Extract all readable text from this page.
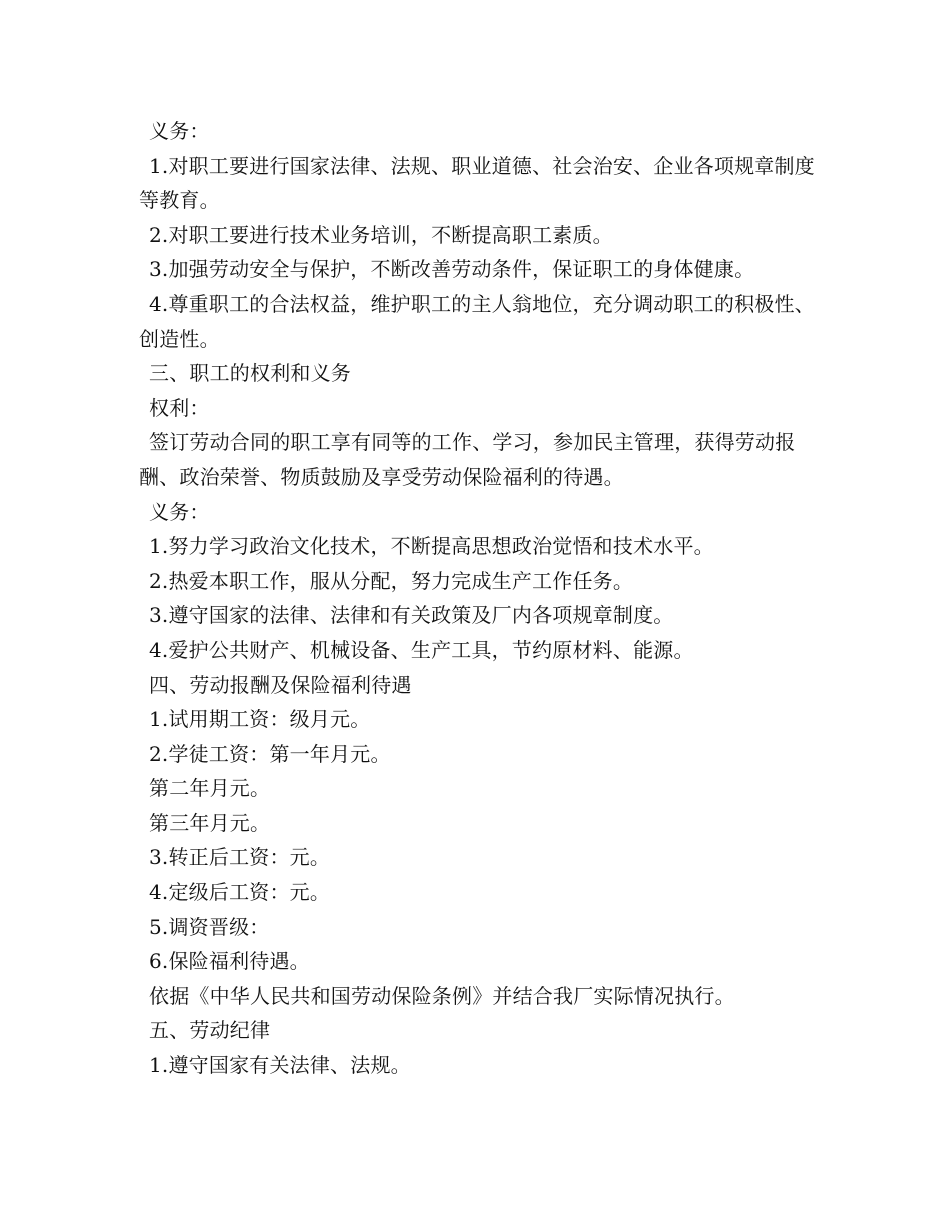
义务：

1.对职工要进行国家法律、法规、职业道德、社会治安、企业各项规章制度等教育。

2.对职工要进行技术业务培训，不断提高职工素质。

3.加强劳动安全与保护，不断改善劳动条件，保证职工的身体健康。

4.尊重职工的合法权益，维护职工的主人翁地位，充分调动职工的积极性、创造性。

三、职工的权利和义务

权利：

签订劳动合同的职工享有同等的工作、学习，参加民主管理，获得劳动报酬、政治荣誉、物质鼓励及享受劳动保险福利的待遇。

义务：

1.努力学习政治文化技术，不断提高思想政治觉悟和技术水平。

2.热爱本职工作，服从分配，努力完成生产工作任务。

3.遵守国家的法律、法律和有关政策及厂内各项规章制度。

4.爱护公共财产、机械设备、生产工具，节约原材料、能源。

四、劳动报酬及保险福利待遇

1.试用期工资：级月元。

2.学徒工资：第一年月元。

第二年月元。

第三年月元。

3.转正后工资：元。

4.定级后工资：元。

5.调资晋级：

6.保险福利待遇。

依据《中华人民共和国劳动保险条例》并结合我厂实际情况执行。

五、劳动纪律

1.遵守国家有关法律、法规。
